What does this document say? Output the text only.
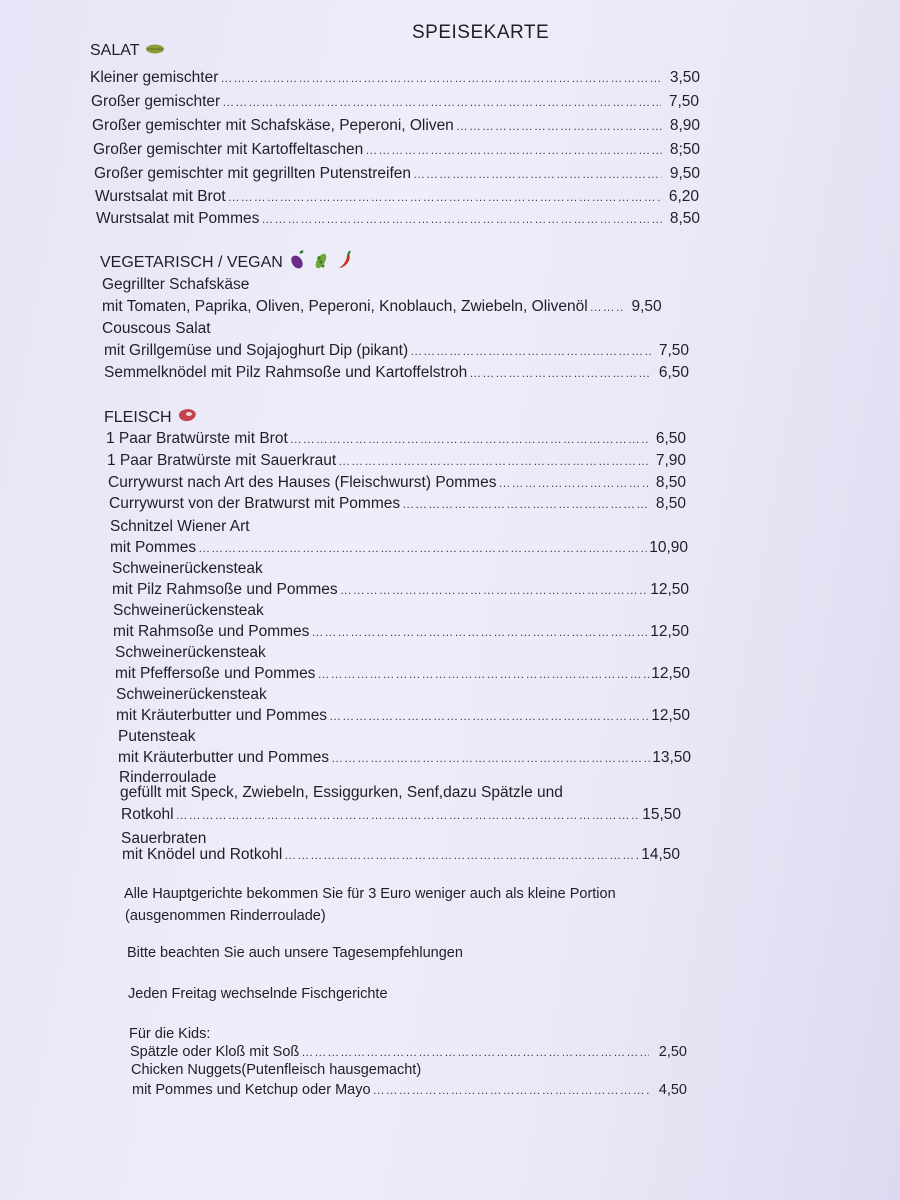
SPEISEKARTE
SALAT
Kleiner gemischter …………………………………………………………………………………………………………………………………………………………………………………………………………	3,50
Großer gemischter …………………………………………………………………………………………………………………………………………………………………………………………………………	7,50
Großer gemischter mit Schafskäse, Peperoni, Oliven …………………………………………………………………………………………………………………………………………………………………………………………………………	8,90
Großer gemischter mit Kartoffeltaschen …………………………………………………………………………………………………………………………………………………………………………………………………………	8;50
Großer gemischter mit gegrillten Putenstreifen …………………………………………………………………………………………………………………………………………………………………………………………………………	9,50
Wurstsalat mit Brot …………………………………………………………………………………………………………………………………………………………………………………………………………	6,20
Wurstsalat mit Pommes …………………………………………………………………………………………………………………………………………………………………………………………………………	8,50
VEGETARISCH / VEGAN
Gegrillter Schafskäse
mit Tomaten, Paprika, Oliven, Peperoni, Knoblauch, Zwiebeln, Olivenöl …………………………………………………………………………………………………………………………………………………………………………………………………………	9,50
Couscous Salat
mit Grillgemüse und Sojajoghurt Dip (pikant) …………………………………………………………………………………………………………………………………………………………………………………………………………	7,50
Semmelknödel mit Pilz Rahmsoße und Kartoffelstroh …………………………………………………………………………………………………………………………………………………………………………………………………………	6,50
FLEISCH
1 Paar Bratwürste mit Brot …………………………………………………………………………………………………………………………………………………………………………………………………………	6,50
1 Paar Bratwürste mit Sauerkraut …………………………………………………………………………………………………………………………………………………………………………………………………………	7,90
Currywurst nach Art des Hauses (Fleischwurst) Pommes …………………………………………………………………………………………………………………………………………………………………………………………………………	8,50
Currywurst von der Bratwurst mit Pommes …………………………………………………………………………………………………………………………………………………………………………………………………………	8,50
Schnitzel Wiener Art
mit Pommes …………………………………………………………………………………………………………………………………………………………………………………………………………	10,90
Schweinerückensteak
mit Pilz Rahmsoße und Pommes …………………………………………………………………………………………………………………………………………………………………………………………………………	12,50
Schweinerückensteak
mit Rahmsoße und Pommes …………………………………………………………………………………………………………………………………………………………………………………………………………	12,50
Schweinerückensteak
mit Pfeffersoße und Pommes …………………………………………………………………………………………………………………………………………………………………………………………………………	12,50
Schweinerückensteak
mit Kräuterbutter und Pommes …………………………………………………………………………………………………………………………………………………………………………………………………………	12,50
Putensteak
mit Kräuterbutter und Pommes …………………………………………………………………………………………………………………………………………………………………………………………………………	13,50
Rinderroulade
gefüllt mit Speck, Zwiebeln, Essiggurken, Senf,dazu Spätzle und
Rotkohl …………………………………………………………………………………………………………………………………………………………………………………………………………	15,50
Sauerbraten
mit Knödel und Rotkohl …………………………………………………………………………………………………………………………………………………………………………………………………………	14,50
Alle Hauptgerichte bekommen Sie für 3 Euro weniger auch als kleine Portion
(ausgenommen Rinderroulade)
Bitte beachten Sie auch unsere Tagesempfehlungen
Jeden Freitag wechselnde Fischgerichte
Für die Kids:
Spätzle oder Kloß mit Soß …………………………………………………………………………………………………………………………………………………………………………………………………………	2,50
Chicken Nuggets(Putenfleisch hausgemacht)
mit Pommes und Ketchup oder Mayo …………………………………………………………………………………………………………………………………………………………………………………………………………	4,50
